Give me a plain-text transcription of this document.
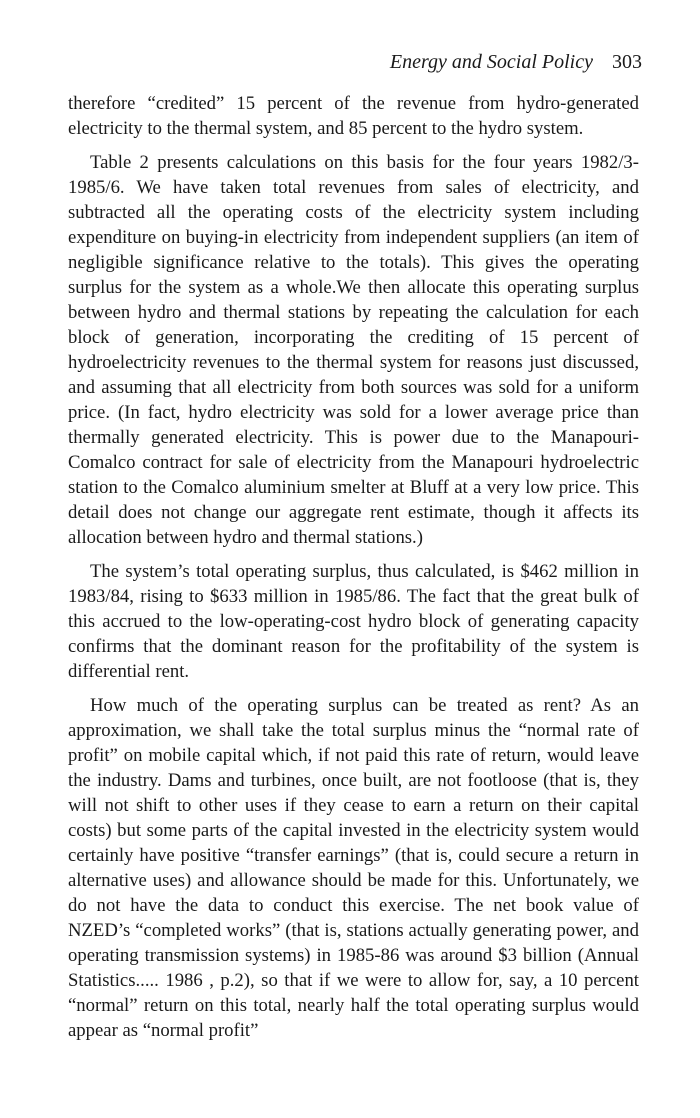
Energy and Social Policy 303

therefore “credited” 15 percent of the revenue from hydro-generated electricity to the thermal system, and 85 percent to the hydro system.

Table 2 presents calculations on this basis for the four years 1982/3-1985/6. We have taken total revenues from sales of electricity, and subtracted all the operating costs of the electricity system including expenditure on buying-in electricity from independent suppliers (an item of negligible significance relative to the totals). This gives the operating surplus for the system as a whole.We then allocate this operating surplus between hydro and thermal stations by repeating the calculation for each block of generation, incorporating the crediting of 15 percent of hydroelectricity revenues to the thermal system for reasons just discussed, and assuming that all electricity from both sources was sold for a uniform price. (In fact, hydro electricity was sold for a lower average price than thermally generated electricity. This is power due to the Manapouri-Comalco contract for sale of electricity from the Manapouri hydroelectric station to the Comalco aluminium smelter at Bluff at a very low price. This detail does not change our aggregate rent estimate, though it affects its allocation between hydro and thermal stations.)

The system’s total operating surplus, thus calculated, is $462 million in 1983/84, rising to $633 million in 1985/86. The fact that the great bulk of this accrued to the low-operating-cost hydro block of generating capacity confirms that the dominant reason for the profitability of the system is differential rent.

How much of the operating surplus can be treated as rent? As an approximation, we shall take the total surplus minus the “normal rate of profit” on mobile capital which, if not paid this rate of return, would leave the industry. Dams and turbines, once built, are not footloose (that is, they will not shift to other uses if they cease to earn a return on their capital costs) but some parts of the capital invested in the electricity system would certainly have positive “transfer earnings” (that is, could secure a return in alternative uses) and allowance should be made for this. Unfortunately, we do not have the data to conduct this exercise. The net book value of NZED’s “completed works” (that is, stations actually generating power, and operating transmission systems) in 1985-86 was around $3 billion (Annual Statistics..... 1986 , p.2), so that if we were to allow for, say, a 10 percent “normal” return on this total, nearly half the total operating surplus would appear as “normal profit”
